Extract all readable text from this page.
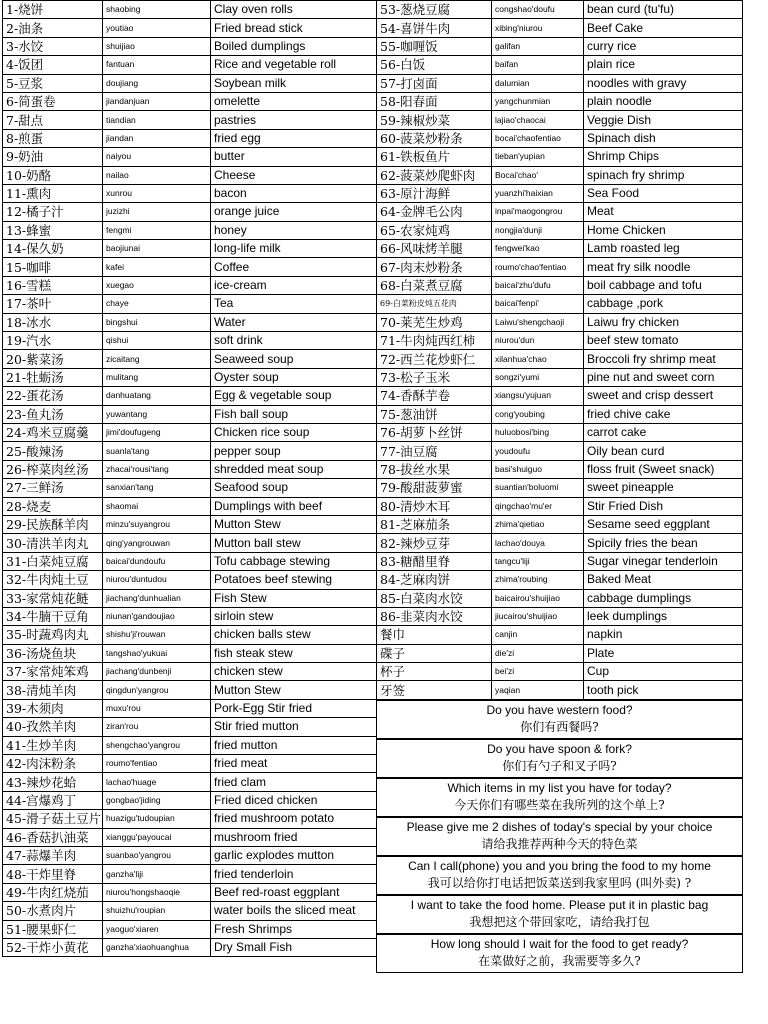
1-烧饼	shaobing	Clay oven rolls
2-油条	youtiao	Fried bread stick
3-水饺	shuijiao	Boiled dumplings
4-饭团	fantuan	Rice and vegetable roll
5-豆浆	doujiang	Soybean milk
6-简蛋卷	jiandanjuan	omelette
7-甜点	tiandian	pastries
8-煎蛋	jiandan	fried egg
9-奶油	naiyou	butter
10-奶酪	nailao	Cheese
11-熏肉	xunrou	bacon
12-橘子汁	juzizhi	orange juice
13-蜂蜜	fengmi	honey
14-保久奶	baojiunai	long-life milk
15-咖啡	kafei	Coffee
16-雪糕	xuegao	ice-cream
17-茶叶	chaye	Tea
18-冰水	bingshui	Water
19-汽水	qishui	soft drink
20-紫菜汤	zicaitang	Seaweed soup
21-牡蛎汤	mulitang	Oyster soup
22-蛋花汤	danhuatang	Egg & vegetable soup
23-鱼丸汤	yuwantang	Fish ball soup
24-鸡米豆腐羹	jimi'doufugeng	Chicken rice soup
25-酸辣汤	suanla'tang	pepper soup
26-榨菜肉丝汤	zhacai'rousi'tang	shredded meat soup
27-三鲜汤	sanxian'tang	Seafood soup
28-烧麦	shaomai	Dumplings with beef
29-民族酥羊肉	minzu'suyangrou	Mutton Stew
30-清洪羊肉丸	qing'yangrouwan	Mutton ball stew
31-白菜炖豆腐	baicai'dundoufu	Tofu cabbage stewing
32-牛肉炖土豆	niurou'duntudou	Potatoes beef stewing
33-家常炖花鲢	jiachang'dunhualian	Fish Stew
34-牛腩干豆角	niunan'gandoujiao	sirloin stew
35-时蔬鸡肉丸	shishu'ji'rouwan	chicken balls stew
36-汤烧鱼块	tangshao'yukuai	fish steak stew
37-家常炖笨鸡	jiachang'dunbenji	chicken stew
38-清炖羊肉	qingdun'yangrou	Mutton Stew
39-木须肉	muxu'rou	Pork-Egg Stir fried
40-孜然羊肉	ziran'rou	Stir fried mutton
41-生炒羊肉	shengchao'yangrou	fried mutton
42-肉沫粉条	roumo'fentiao	fried meat
43-辣炒花蛤	lachao'huage	fried clam
44-宫爆鸡丁	gongbao'jiding	Fried diced chicken
45-滑子菇土豆片	huazigu'tudoupian	fried mushroom potato
46-香菇扒油菜	xianggu'payoucai	mushroom fried
47-蒜爆羊肉	suanbao'yangrou	garlic explodes mutton
48-干炸里脊	ganzha'liji	fried tenderloin
49-牛肉红烧茄	niurou'hongshaoqie	Beef red-roast eggplant
50-水煮肉片	shuizhu'roupian	water boils the sliced meat
51-腰果虾仁	yaoguo'xiaren	Fresh Shrimps
52-干炸小黄花	ganzha'xiaohuanghua	Dry Small Fish
53-葱烧豆腐	congshao'doufu	bean curd (tu'fu)
54-喜饼牛肉	xibing'niurou	Beef Cake
55-咖喱饭	galifan	curry rice
56-白饭	baifan	plain rice
57-打卤面	dalumian	noodles with gravy
58-阳春面	yangchunmian	plain noodle
59-辣椒炒菜	lajiao'chaocai	Veggie Dish
60-菠菜炒粉条	bocai'chaofentiao	Spinach dish
61-铁板鱼片	tieban'yupian	Shrimp Chips
62-菠菜炒爬虾肉	Bocai'chao'	spinach fry shrimp
63-原汁海鲜	yuanzhi'haixian	Sea Food
64-金牌毛公肉	inpai'maogongrou	Meat
65-农家炖鸡	nongjia'dunji	Home Chicken
66-风味烤羊腿	fengwei'kao	Lamb roasted leg
67-肉末炒粉条	roumo'chao'fentiao	meat fry silk noodle
68-白菜煮豆腐	baicai'zhu'dufu	boil cabbage and tofu
69-白菜粉皮炖五花肉	baicai'fenpi'	cabbage ,pork
70-莱芜生炒鸡	Laiwu'shengchaoji	Laiwu fry chicken
71-牛肉炖西红柿	niurou'dun	beef stew tomato
72-西兰花炒虾仁	xilanhua'chao	Broccoli fry shrimp meat
73-松子玉米	songzi'yumi	pine nut and sweet corn
74-香酥芋卷	xiangsu'yujuan	sweet and crisp dessert
75-葱油饼	cong'youbing	fried chive cake
76-胡萝卜丝饼	huluobosi'bing	carrot cake
77-油豆腐	youdoufu	Oily bean curd
78-拔丝水果	basi'shuiguo	floss fruit (Sweet snack)
79-酸甜菠萝蜜	suantian'boluomi	sweet pineapple
80-清炒木耳	qingchao'mu'er	Stir Fried Dish
81-芝麻茄条	zhima'qietiao	Sesame seed eggplant
82-辣炒豆芽	lachao'douya	Spicily fries the bean
83-糖醋里脊	tangcu'liji	Sugar vinegar tenderloin
84-芝麻肉饼	zhima'roubing	Baked Meat
85-白菜肉水饺	baicairou'shuijiao	cabbage dumplings
86-韭菜肉水饺	jiucairou'shuijiao	leek dumplings
餐巾	canjin	napkin
碟子	die'zi	Plate
杯子	bei'zi	Cup
牙签	yaqian	tooth pick

Do you have western food?
你们有西餐吗?		

Do you have spoon & fork?
你们有勺子和叉子吗?		

Which items in my list you have for today?
今天你们有哪些菜在我所列的这个单上?		

Please give me 2 dishes of today's special by your choice
请给我推荐两种今天的特色菜		

Can I call(phone) you and you bring the food to my home
我可以给你打电话把饭菜送到我家里吗 (叫外卖) ?		

I want to take the food home. Please put it in plastic bag
我想把这个带回家吃，请给我打包		

How long should I wait for the food to get ready?
在菜做好之前，我需要等多久?		
